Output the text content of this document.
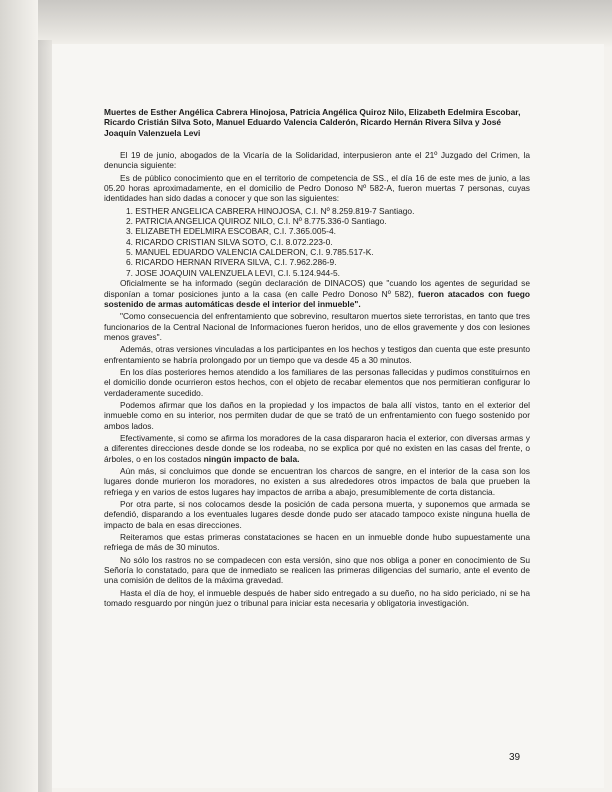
Muertes de Esther Angélica Cabrera Hinojosa, Patricia Angélica Quiroz Nilo, Elizabeth Edelmira Escobar, Ricardo Cristián Silva Soto, Manuel Eduardo Valencia Calderón, Ricardo Hernán Rivera Silva y José Joaquín Valenzuela Levi

El 19 de junio, abogados de la Vicaría de la Solidaridad, interpusieron ante el 21º Juzgado del Crimen, la denuncia siguiente:

Es de público conocimiento que en el territorio de competencia de SS., el día 16 de este mes de junio, a las 05.20 horas aproximadamente, en el domicilio de Pedro Donoso Nº 582-A, fueron muertas 7 personas, cuyas identidades han sido dadas a conocer y que son las siguientes:

1. ESTHER ANGELICA CABRERA HINOJOSA, C.I. Nº 8.259.819-7 Santiago.
2. PATRICIA ANGELICA QUIROZ NILO, C.I. Nº 8.775.336-0 Santiago.
3. ELIZABETH EDELMIRA ESCOBAR, C.I. 7.365.005-4.
4. RICARDO CRISTIAN SILVA SOTO, C.I. 8.072.223-0.
5. MANUEL EDUARDO VALENCIA CALDERON, C.I. 9.785.517-K.
6. RICARDO HERNAN RIVERA SILVA, C.I. 7.962.286-9.
7. JOSE JOAQUIN VALENZUELA LEVI, C.I. 5.124.944-5.

Oficialmente se ha informado (según declaración de DINACOS) que "cuando los agentes de seguridad se disponían a tomar posiciones junto a la casa (en calle Pedro Donoso Nº 582), fueron atacados con fuego sostenido de armas automáticas desde el interior del inmueble".

"Como consecuencia del enfrentamiento que sobrevino, resultaron muertos siete terroristas, en tanto que tres funcionarios de la Central Nacional de Informaciones fueron heridos, uno de ellos gravemente y dos con lesiones menos graves".

Además, otras versiones vinculadas a los participantes en los hechos y testigos dan cuenta que este presunto enfrentamiento se habría prolongado por un tiempo que va desde 45 a 30 minutos.

En los días posteriores hemos atendido a los familiares de las personas fallecidas y pudimos constituirnos en el domicilio donde ocurrieron estos hechos, con el objeto de recabar elementos que nos permitieran configurar lo verdaderamente sucedido.

Podemos afirmar que los daños en la propiedad y los impactos de bala allí vistos, tanto en el exterior del inmueble como en su interior, nos permiten dudar de que se trató de un enfrentamiento con fuego sostenido por ambos lados.

Efectivamente, si como se afirma los moradores de la casa dispararon hacia el exterior, con diversas armas y a diferentes direcciones desde donde se los rodeaba, no se explica por qué no existen en las casas del frente, o árboles, o en los costados ningún impacto de bala.

Aún más, si concluimos que donde se encuentran los charcos de sangre, en el interior de la casa son los lugares donde murieron los moradores, no existen a sus alrededores otros impactos de bala que prueben la refriega y en varios de estos lugares hay impactos de arriba a abajo, presumiblemente de corta distancia.

Por otra parte, si nos colocamos desde la posición de cada persona muerta, y suponemos que armada se defendió, disparando a los eventuales lugares desde donde pudo ser atacado tampoco existe ninguna huella de impacto de bala en esas direcciones.

Reiteramos que estas primeras constataciones se hacen en un inmueble donde hubo supuestamente una refriega de más de 30 minutos.

No sólo los rastros no se compadecen con esta versión, sino que nos obliga a poner en conocimiento de Su Señoría lo constatado, para que de inmediato se realicen las primeras diligencias del sumario, ante el evento de una comisión de delitos de la máxima gravedad.

Hasta el día de hoy, el inmueble después de haber sido entregado a su dueño, no ha sido periciado, ni se ha tomado resguardo por ningún juez o tribunal para iniciar esta necesaria y obligatoria investigación.

39
